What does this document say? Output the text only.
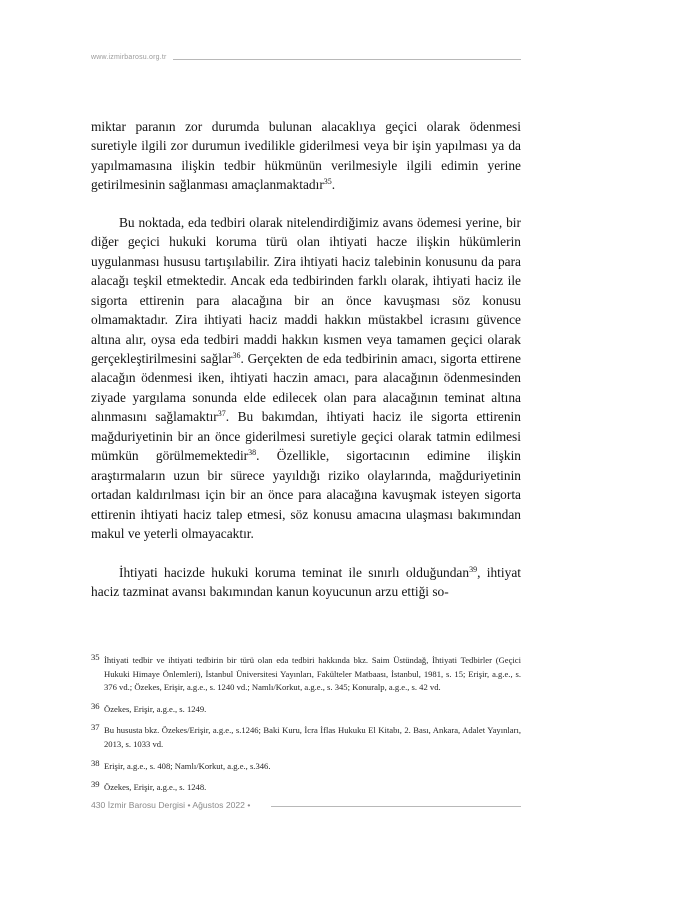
www.izmirbarosu.org.tr

miktar paranın zor durumda bulunan alacaklıya geçici olarak ödenmesi suretiyle ilgili zor durumun ivedilikle giderilmesi veya bir işin yapılması ya da yapılmamasına ilişkin tedbir hükmünün verilmesiyle ilgili edimin yerine getirilmesinin sağlanması amaçlanmaktadır$^{35}$.

Bu noktada, eda tedbiri olarak nitelendirdiğimiz avans ödemesi yerine, bir diğer geçici hukuki koruma türü olan ihtiyati hacze ilişkin hükümlerin uygulanması hususu tartışılabilir. Zira ihtiyati haciz talebinin konusunu da para alacağı teşkil etmektedir. Ancak eda tedbirinden farklı olarak, ihtiyati haciz ile sigorta ettirenin para alacağına bir an önce kavuşması söz konusu olmamaktadır. Zira ihtiyati haciz maddi hakkın müstakbel icrasını güvence altına alır, oysa eda tedbiri maddi hakkın kısmen veya tamamen geçici olarak gerçekleştirilmesini sağlar$^{36}$. Gerçekten de eda tedbirinin amacı, sigorta ettirene alacağın ödenmesi iken, ihtiyati haczin amacı, para alacağının ödenmesinden ziyade yargılama sonunda elde edilecek olan para alacağının teminat altına alınmasını sağlamaktır$^{37}$. Bu bakımdan, ihtiyati haciz ile sigorta ettirenin mağduriyetinin bir an önce giderilmesi suretiyle geçici olarak tatmin edilmesi mümkün görülmemektedir$^{38}$. Özellikle, sigortacının edimine ilişkin araştırmaların uzun bir sürece yayıldığı riziko olaylarında, mağduriyetinin ortadan kaldırılması için bir an önce para alacağına kavuşmak isteyen sigorta ettirenin ihtiyati haciz talep etmesi, söz konusu amacına ulaşması bakımından makul ve yeterli olmayacaktır.

İhtiyati hacizde hukuki koruma teminat ile sınırlı olduğundan$^{39}$, ihtiyat haciz tazminat avansı bakımından kanun koyucunun arzu ettiği so-

35 İhtiyati tedbir ve ihtiyati tedbirin bir türü olan eda tedbiri hakkında bkz. Saim Üstündağ, İhtiyati Tedbirler (Geçici Hukuki Himaye Önlemleri), İstanbul Üniversitesi Yayınları, Fakülteler Matbaası, İstanbul, 1981, s. 15; Erişir, a.g.e., s. 376 vd.; Özekes, Erişir, a.g.e., s. 1240 vd.; Namlı/Korkut, a.g.e., s. 345; Konuralp, a.g.e., s. 42 vd.
36 Özekes, Erişir, a.g.e., s. 1249.
37 Bu hususta bkz. Özekes/Erişir, a.g.e., s.1246; Baki Kuru, İcra İflas Hukuku El Kitabı, 2. Bası, Ankara, Adalet Yayınları, 2013, s. 1033 vd.
38 Erişir, a.g.e., s. 408; Namlı/Korkut, a.g.e., s.346.
39 Özekes, Erişir, a.g.e., s. 1248.
430 İzmir Barosu Dergisi • Ağustos 2022 •
